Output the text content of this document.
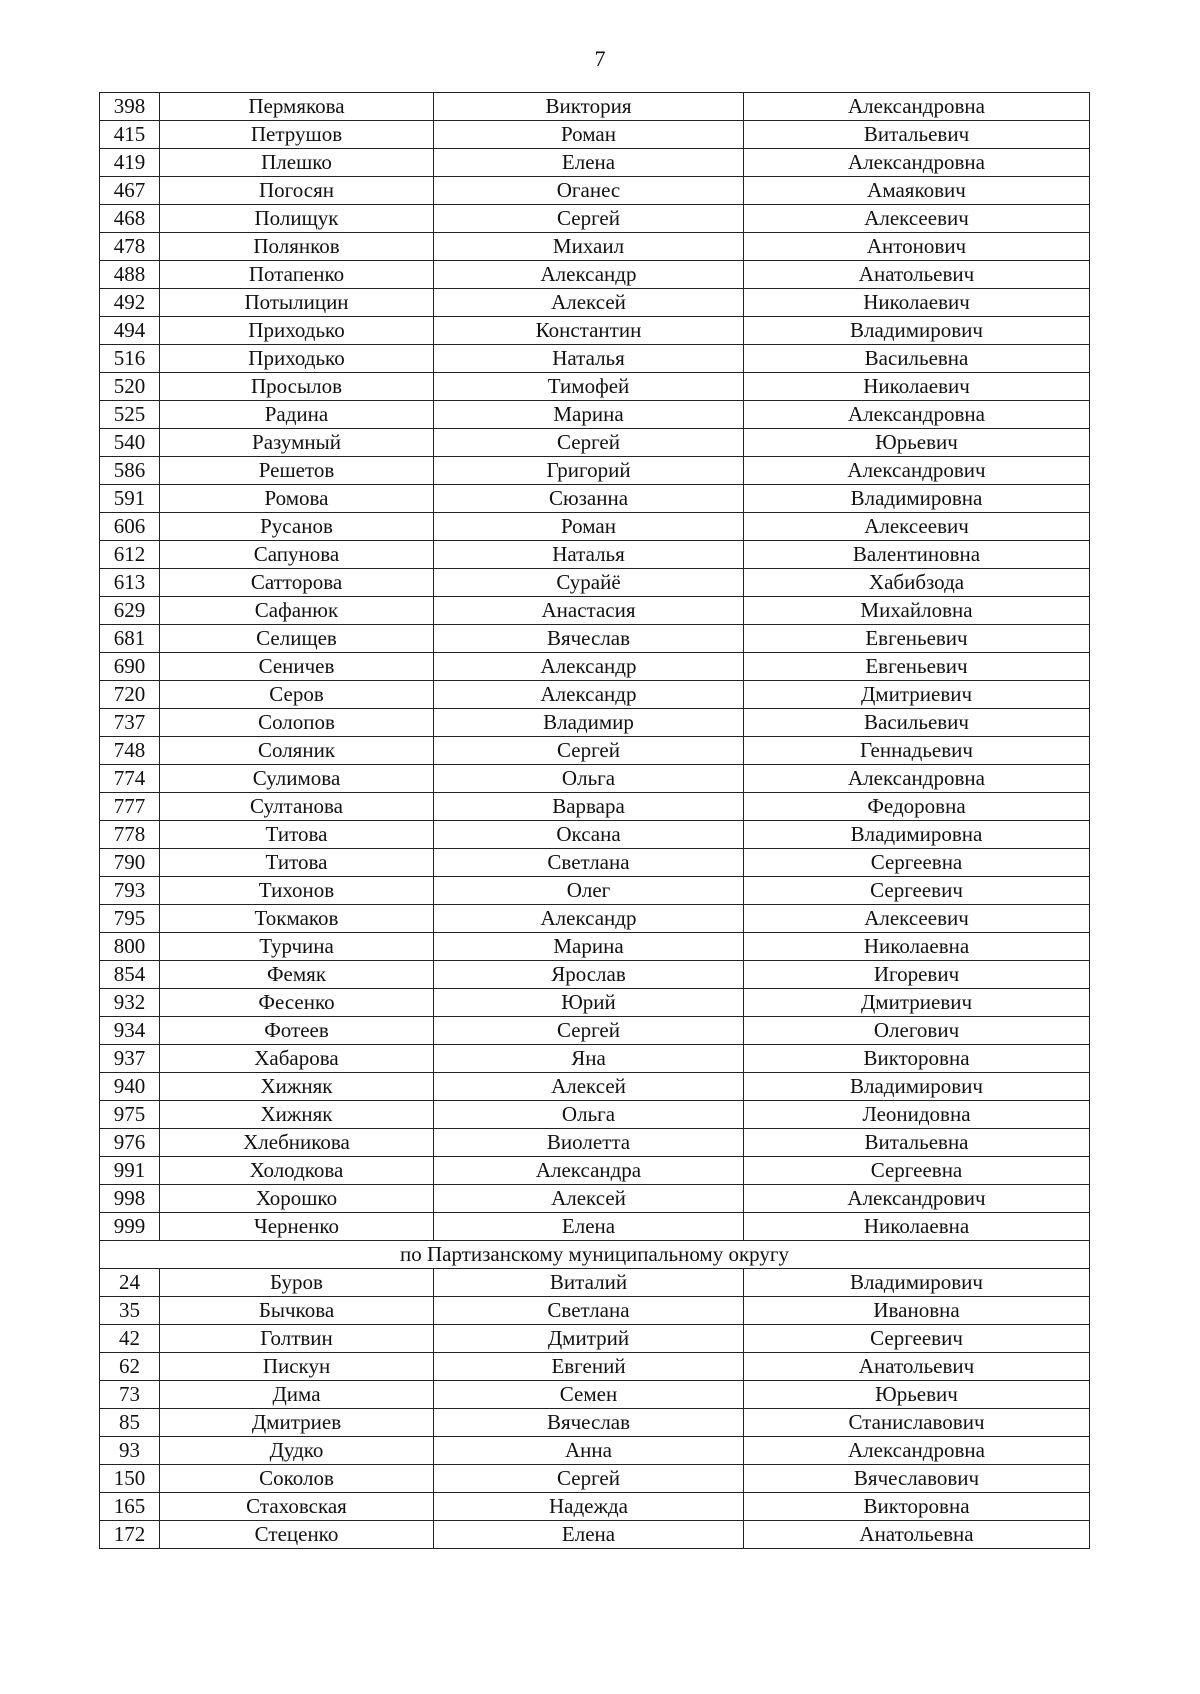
7
398	Пермякова	Виктория	Александровна
415	Петрушов	Роман	Витальевич
419	Плешко	Елена	Александровна
467	Погосян	Оганес	Амаякович
468	Полищук	Сергей	Алексеевич
478	Полянков	Михаил	Антонович
488	Потапенко	Александр	Анатольевич
492	Потылицин	Алексей	Николаевич
494	Приходько	Константин	Владимирович
516	Приходько	Наталья	Васильевна
520	Просылов	Тимофей	Николаевич
525	Радина	Марина	Александровна
540	Разумный	Сергей	Юрьевич
586	Решетов	Григорий	Александрович
591	Ромова	Сюзанна	Владимировна
606	Русанов	Роман	Алексеевич
612	Сапунова	Наталья	Валентиновна
613	Сатторова	Сурайё	Хабибзода
629	Сафанюк	Анастасия	Михайловна
681	Селищев	Вячеслав	Евгеньевич
690	Сеничев	Александр	Евгеньевич
720	Серов	Александр	Дмитриевич
737	Солопов	Владимир	Васильевич
748	Соляник	Сергей	Геннадьевич
774	Сулимова	Ольга	Александровна
777	Султанова	Варвара	Федоровна
778	Титова	Оксана	Владимировна
790	Титова	Светлана	Сергеевна
793	Тихонов	Олег	Сергеевич
795	Токмаков	Александр	Алексеевич
800	Турчина	Марина	Николаевна
854	Фемяк	Ярослав	Игоревич
932	Фесенко	Юрий	Дмитриевич
934	Фотеев	Сергей	Олегович
937	Хабарова	Яна	Викторовна
940	Хижняк	Алексей	Владимирович
975	Хижняк	Ольга	Леонидовна
976	Хлебникова	Виолетта	Витальевна
991	Холодкова	Александра	Сергеевна
998	Хорошко	Алексей	Александрович
999	Черненко	Елена	Николаевна
по Партизанскому муниципальному округу			
24	Буров	Виталий	Владимирович
35	Бычкова	Светлана	Ивановна
42	Голтвин	Дмитрий	Сергеевич
62	Пискун	Евгений	Анатольевич
73	Дима	Семен	Юрьевич
85	Дмитриев	Вячеслав	Станиславович
93	Дудко	Анна	Александровна
150	Соколов	Сергей	Вячеславович
165	Стаховская	Надежда	Викторовна
172	Стеценко	Елена	Анатольевна
